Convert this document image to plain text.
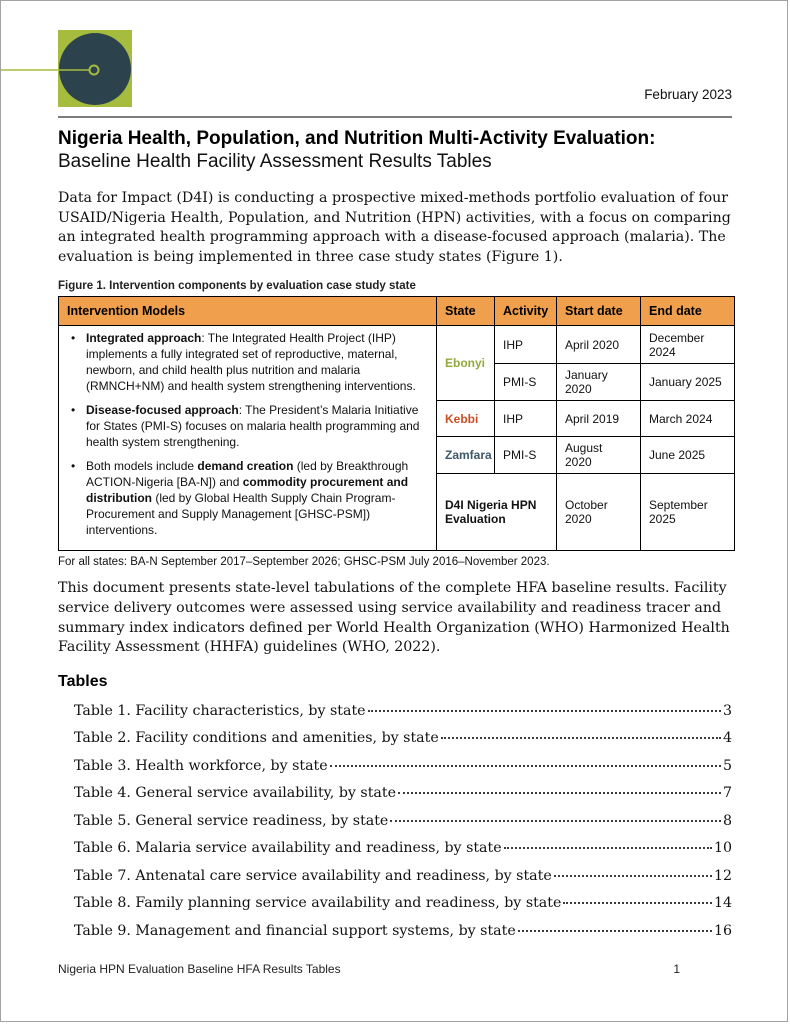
February 2023
Nigeria Health, Population, and Nutrition Multi-Activity Evaluation:
Baseline Health Facility Assessment Results Tables

Data for Impact (D4I) is conducting a prospective mixed-methods portfolio evaluation of four USAID/Nigeria Health, Population, and Nutrition (HPN) activities, with a focus on comparing an integrated health programming approach with a disease-focused approach (malaria). The evaluation is being implemented in three case study states (Figure 1).

Figure 1. Intervention components by evaluation case study state
Intervention Models	State	Activity	Start date	End date

• Integrated approach: The Integrated Health Project (IHP) implements a fully integrated set of reproductive, maternal, newborn, and child health plus nutrition and malaria (RMNCH+NM) and health system strengthening interventions.
• Disease-focused approach: The President’s Malaria Initiative for States (PMI-S) focuses on malaria health programming and health system strengthening.
• Both models include demand creation (led by Breakthrough ACTION-Nigeria [BA-N]) and commodity procurement and distribution (led by Global Health Supply Chain Program-Procurement and Supply Management [GHSC-PSM]) interventions.
	Ebonyi	IHP	April 2020	December 2024
		PMI-S	January 2020	January 2025
	Kebbi	IHP	April 2019	March 2024
	Zamfara	PMI-S	August 2020	June 2025
	D4I Nigeria HPN Evaluation		October 2020	September 2025
For all states: BA-N September 2017–September 2026; GHSC-PSM July 2016–November 2023.

This document presents state-level tabulations of the complete HFA baseline results. Facility service delivery outcomes were assessed using service availability and readiness tracer and summary index indicators defined per World Health Organization (WHO) Harmonized Health Facility Assessment (HHFA) guidelines (WHO, 2022).

Tables
Table 1. Facility characteristics, by state	3
Table 2. Facility conditions and amenities, by state	4
Table 3. Health workforce, by state	5
Table 4. General service availability, by state	7
Table 5. General service readiness, by state	8
Table 6. Malaria service availability and readiness, by state	10
Table 7. Antenatal care service availability and readiness, by state	12
Table 8. Family planning service availability and readiness, by state	14
Table 9. Management and financial support systems, by state	16
Nigeria HPN Evaluation Baseline HFA Results Tables	1
